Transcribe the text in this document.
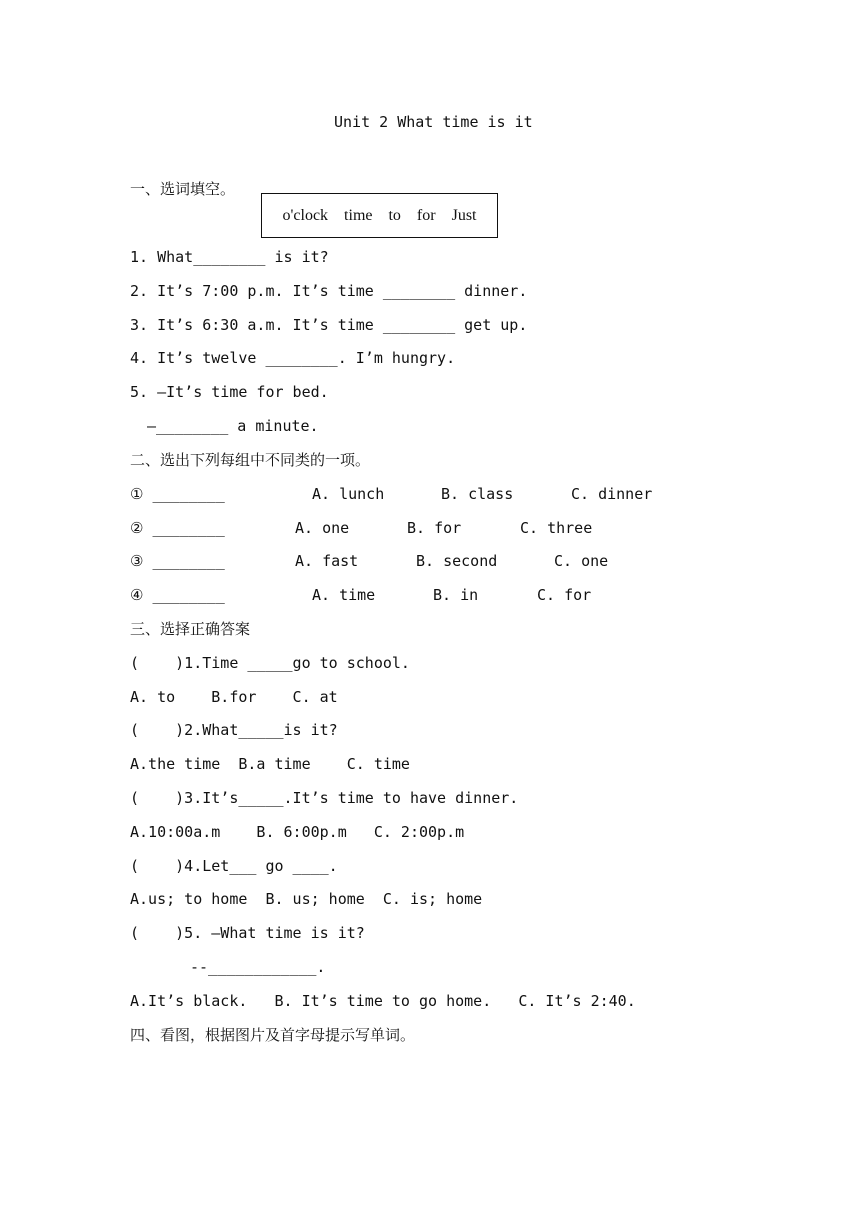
Unit 2 What time is it
一、选词填空。
o'clock    time    to    for    Just
1. What________ is it?
2. It’s 7:00 p.m. It’s time ________ dinner.
3. It’s 6:30 a.m. It’s time ________ get up.
4. It’s twelve ________. I’m hungry.
5. —It’s time for bed.
—________ a minute.
二、选出下列每组中不同类的一项。
① ________	A. lunch	B. class	C. dinner
② ________	A. one	B. for	C. three
③ ________	A. fast	B. second	C. one
④ ________	A. time	B. in	C. for
三、选择正确答案
(    )1.Time _____go to school.
A. to    B.for    C. at
(    )2.What_____is it?
A.the time  B.a time    C. time
(    )3.It’s_____.It’s time to have dinner.
A.10:00a.m    B. 6:00p.m   C. 2:00p.m
(    )4.Let___ go ____.
A.us; to home  B. us; home  C. is; home
(    )5. –What time is it?
--____________.
A.It’s black.   B. It’s time to go home.   C. It’s 2:40.
四、看图，根据图片及首字母提示写单词。
